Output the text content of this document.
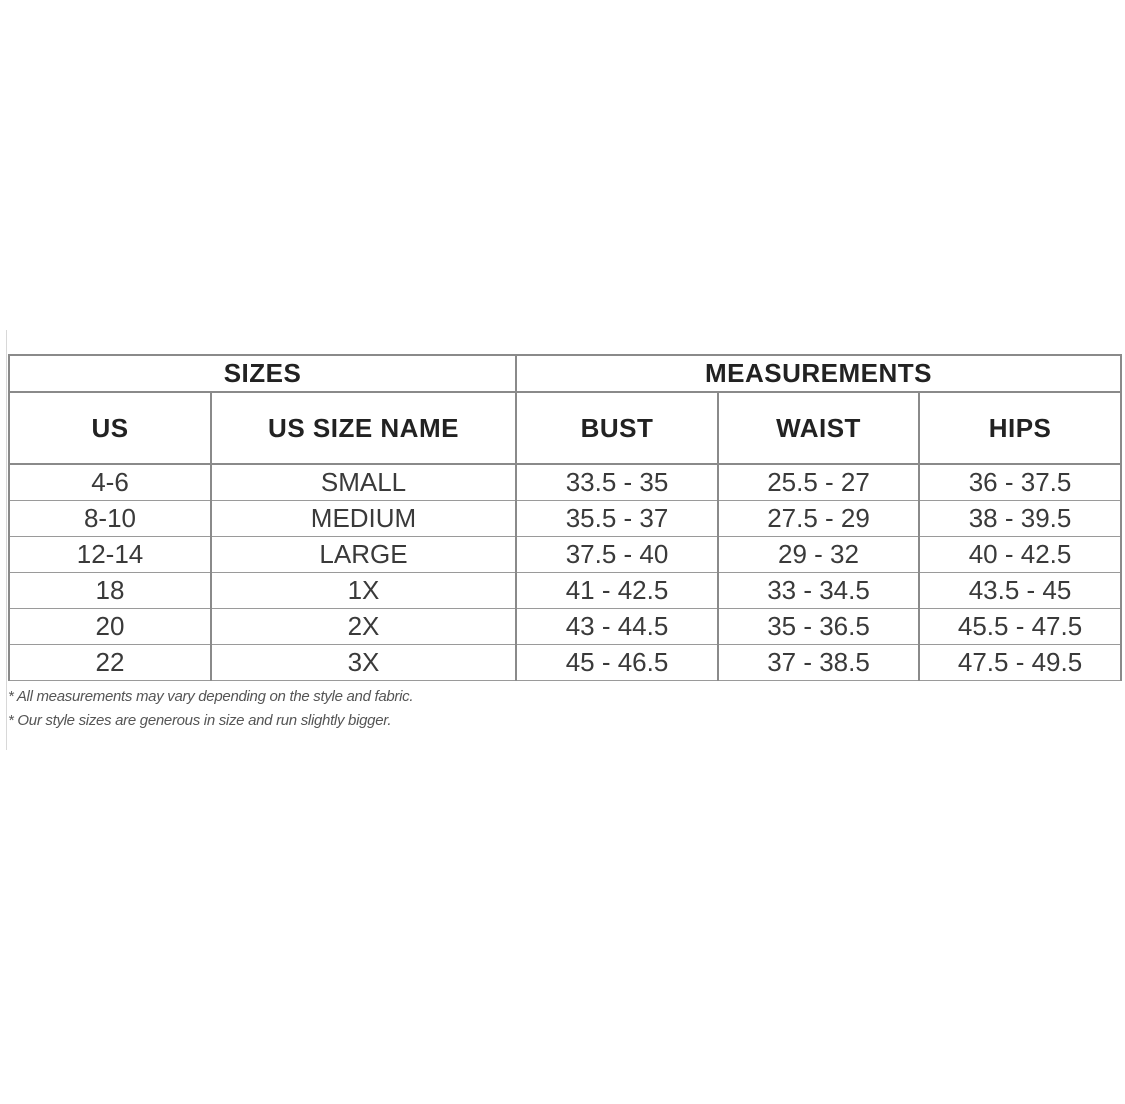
SIZES		MEASUREMENTS		
US	US SIZE NAME	BUST	WAIST	HIPS
4-6	SMALL	33.5 - 35	25.5 - 27	36 - 37.5
8-10	MEDIUM	35.5 - 37	27.5 - 29	38 - 39.5
12-14	LARGE	37.5 - 40	29 - 32	40 - 42.5
18	1X	41 - 42.5	33 - 34.5	43.5 - 45
20	2X	43 - 44.5	35 - 36.5	45.5 - 47.5
22	3X	45 - 46.5	37 - 38.5	47.5 - 49.5
* All measurements may vary depending on the style and fabric.
* Our style sizes are generous in size and run slightly bigger.
